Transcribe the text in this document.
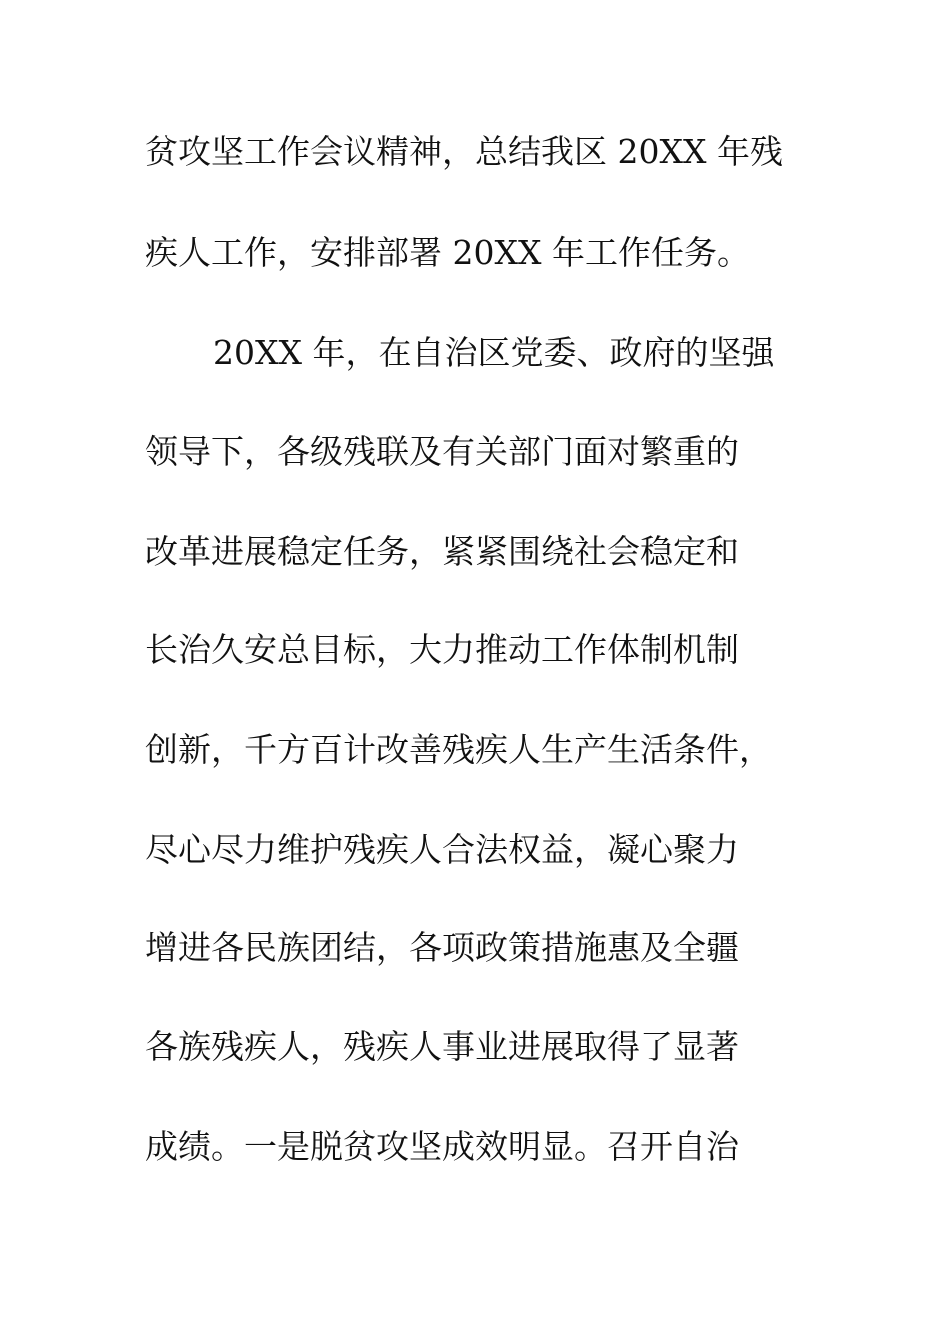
贫攻坚工作会议精神，总结我区 20XX 年残
疾人工作，安排部署 20XX 年工作任务。
20XX 年，在自治区党委、政府的坚强
领导下，各级残联及有关部门面对繁重的
改革进展稳定任务，紧紧围绕社会稳定和
长治久安总目标，大力推动工作体制机制
创新，千方百计改善残疾人生产生活条件，
尽心尽力维护残疾人合法权益，凝心聚力
增进各民族团结，各项政策措施惠及全疆
各族残疾人，残疾人事业进展取得了显著
成绩。一是脱贫攻坚成效明显。召开自治
